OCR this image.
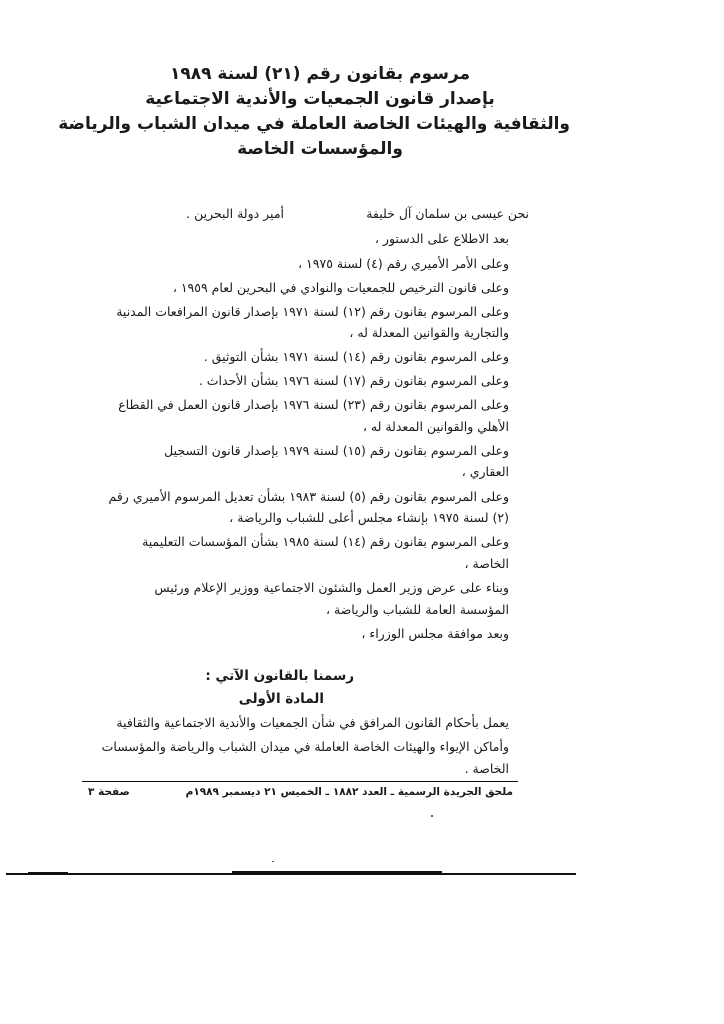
مرسوم بقانون رقم (٢١) لسنة ١٩٨٩
بإصدار قانون الجمعيات والأندية الاجتماعية
والثقافية والهيئات الخاصة العاملة في ميدان الشباب والرياضة
والمؤسسات الخاصة
نحن عيسى بن سلمان آل خليفة
أمير دولة البحرين .
بعد الاطلاع على الدستور ،
وعلى الأمر الأميري رقم (٤) لسنة ١٩٧٥ ،
وعلى قانون الترخيص للجمعيات والنوادي في البحرين لعام ١٩٥٩ ،
وعلى المرسوم بقانون رقم (١٢) لسنة ١٩٧١ بإصدار قانون المرافعات المدنية
والتجارية والقوانين المعدلة له ،
وعلى المرسوم بقانون رقم (١٤) لسنة ١٩٧١ بشأن التوثيق .
وعلى المرسوم بقانون رقم (١٧) لسنة ١٩٧٦ بشأن الأحداث .
وعلى المرسوم بقانون رقم (٢٣) لسنة ١٩٧٦ بإصدار قانون العمل في القطاع
الأهلي والقوانين المعدلة له ،
وعلى المرسوم بقانون رقم (١٥) لسنة ١٩٧٩ بإصدار قانون التسجيل
العقاري ،
وعلى المرسوم بقانون رقم (٥) لسنة ١٩٨٣ بشأن تعديل المرسوم الأميري رقم
(٢) لسنة ١٩٧٥ بإنشاء مجلس أعلى للشباب والرياضة ،
وعلى المرسوم بقانون رقم (١٤) لسنة ١٩٨٥ بشأن المؤسسات التعليمية
الخاصة ،
وبناء على عرض وزير العمل والشئون الاجتماعية ووزير الإعلام ورئيس
المؤسسة العامة للشباب والرياضة ،
وبعد موافقة مجلس الوزراء ،
رسمنا بالقانون الآتي :
المادة الأولى
يعمل بأحكام القانون المرافق في شأن الجمعيات والأندية الاجتماعية والثقافية
وأماكن الإيواء والهيئات الخاصة العاملة في ميدان الشباب والرياضة والمؤسسات
الخاصة .
ملحق الجريدة الرسمية ـ العدد ١٨٨٢ ـ الخميس ٢١ ديسمبر ١٩٨٩م
صفحة ٣
